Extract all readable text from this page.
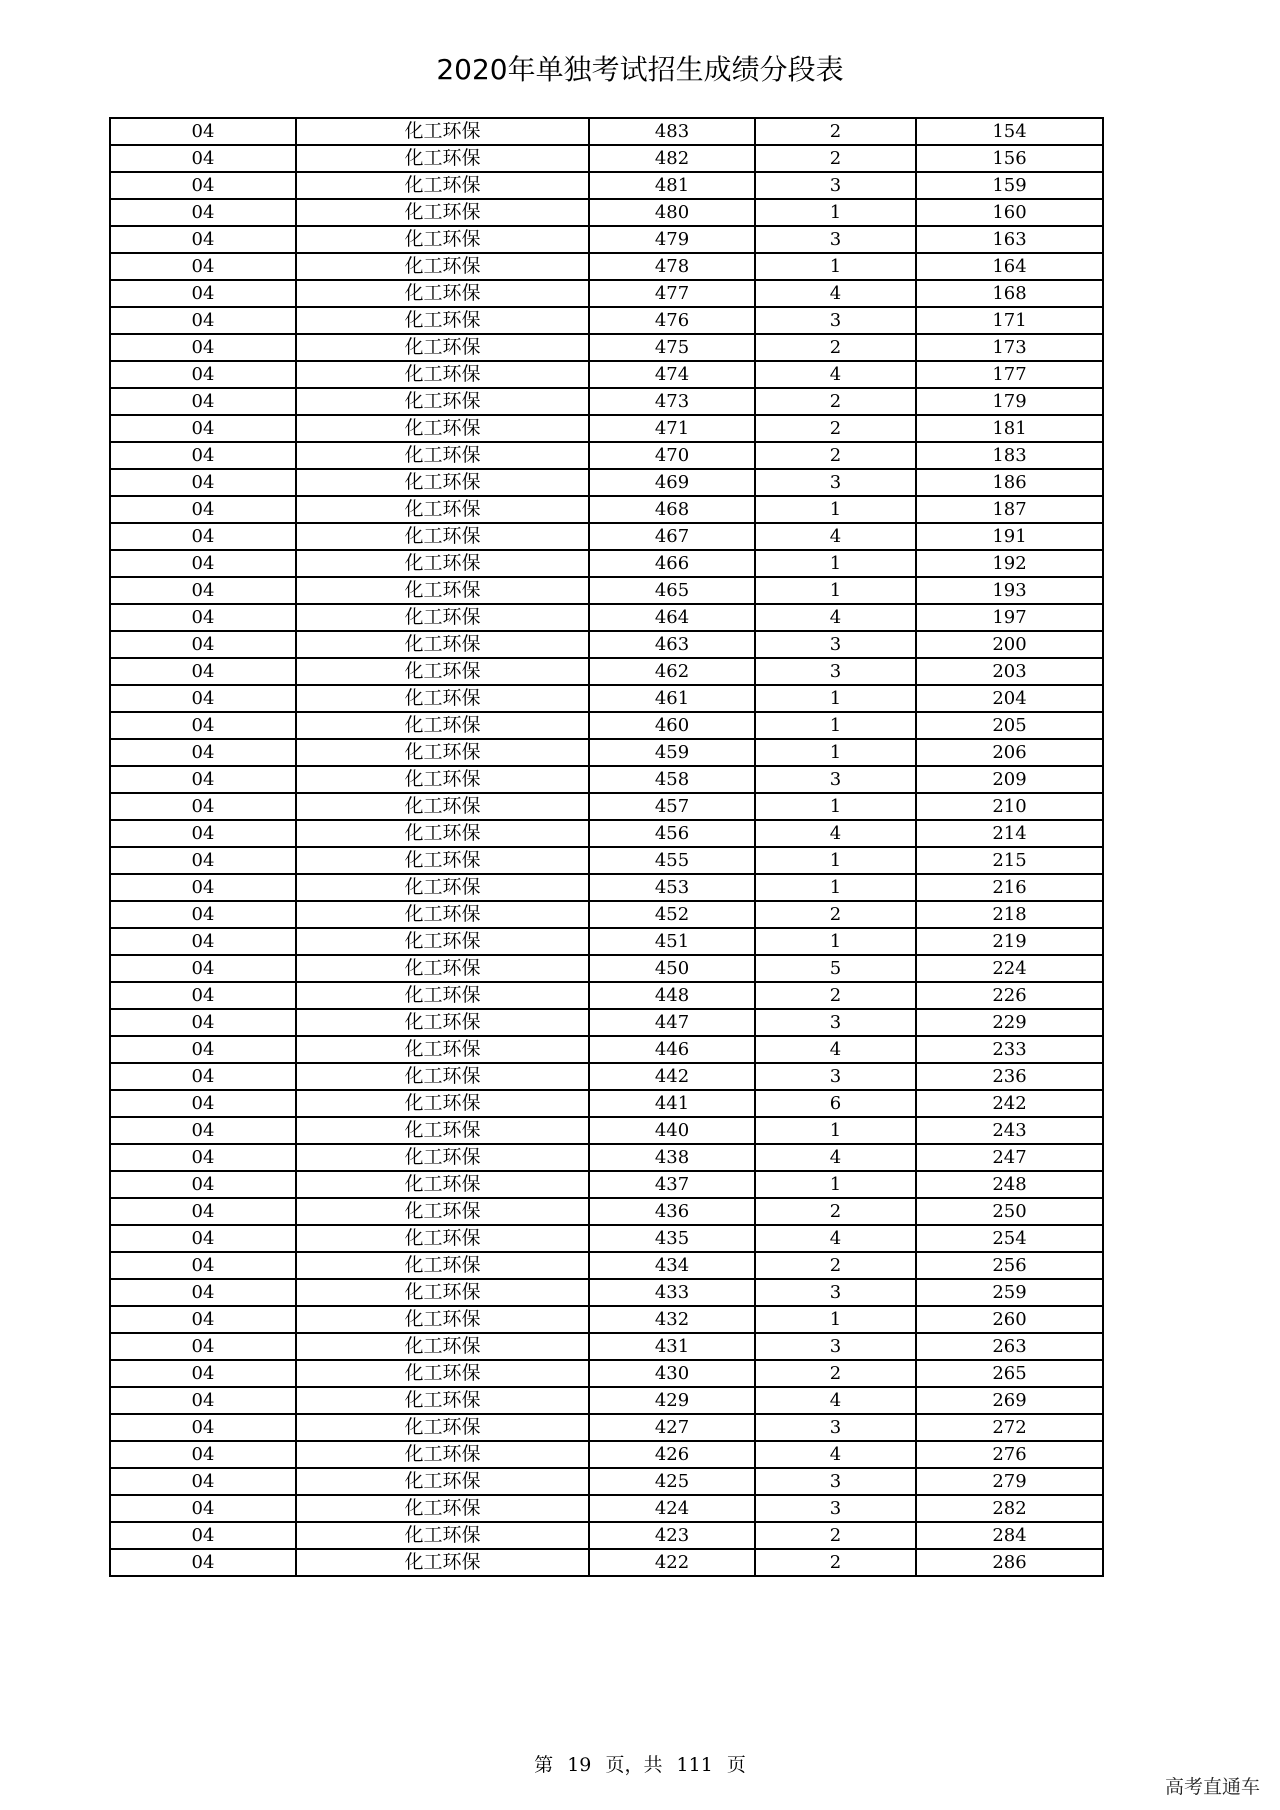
2020年单独考试招生成绩分段表
04	化工环保	483	2	154
04	化工环保	482	2	156
04	化工环保	481	3	159
04	化工环保	480	1	160
04	化工环保	479	3	163
04	化工环保	478	1	164
04	化工环保	477	4	168
04	化工环保	476	3	171
04	化工环保	475	2	173
04	化工环保	474	4	177
04	化工环保	473	2	179
04	化工环保	471	2	181
04	化工环保	470	2	183
04	化工环保	469	3	186
04	化工环保	468	1	187
04	化工环保	467	4	191
04	化工环保	466	1	192
04	化工环保	465	1	193
04	化工环保	464	4	197
04	化工环保	463	3	200
04	化工环保	462	3	203
04	化工环保	461	1	204
04	化工环保	460	1	205
04	化工环保	459	1	206
04	化工环保	458	3	209
04	化工环保	457	1	210
04	化工环保	456	4	214
04	化工环保	455	1	215
04	化工环保	453	1	216
04	化工环保	452	2	218
04	化工环保	451	1	219
04	化工环保	450	5	224
04	化工环保	448	2	226
04	化工环保	447	3	229
04	化工环保	446	4	233
04	化工环保	442	3	236
04	化工环保	441	6	242
04	化工环保	440	1	243
04	化工环保	438	4	247
04	化工环保	437	1	248
04	化工环保	436	2	250
04	化工环保	435	4	254
04	化工环保	434	2	256
04	化工环保	433	3	259
04	化工环保	432	1	260
04	化工环保	431	3	263
04	化工环保	430	2	265
04	化工环保	429	4	269
04	化工环保	427	3	272
04	化工环保	426	4	276
04	化工环保	425	3	279
04	化工环保	424	3	282
04	化工环保	423	2	284
04	化工环保	422	2	286
第 19 页，共 111 页
高考直通车
